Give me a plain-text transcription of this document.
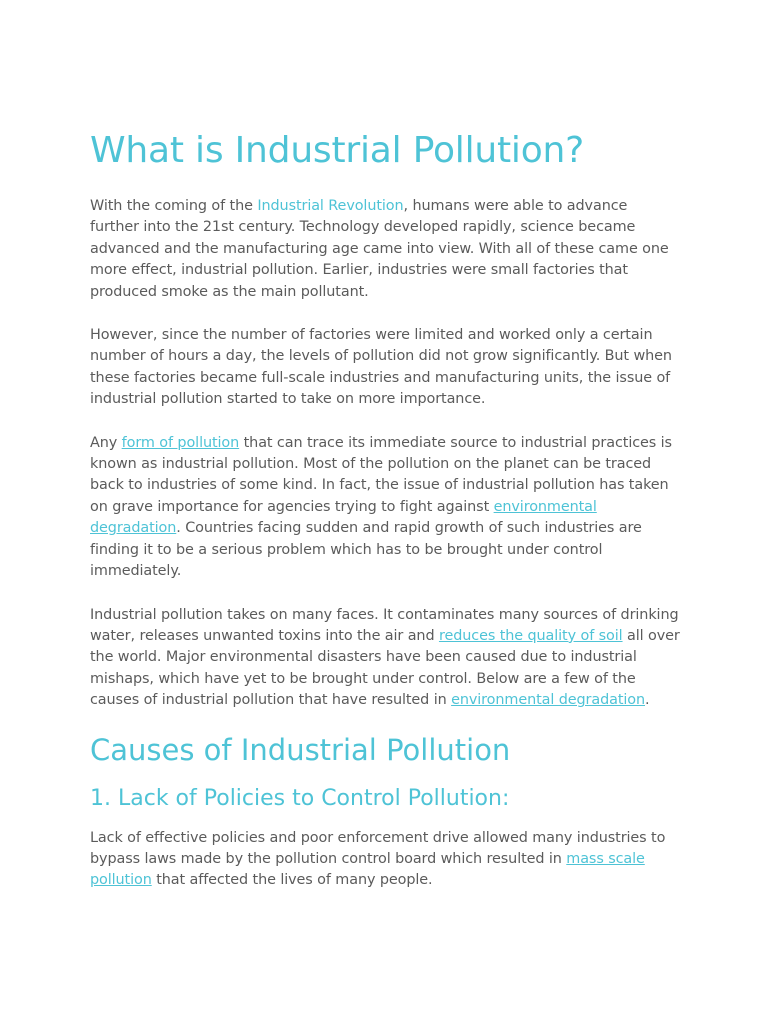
What is Industrial Pollution?

With the coming of the Industrial Revolution, humans were able to advance further into the 21st century. Technology developed rapidly, science became advanced and the manufacturing age came into view. With all of these came one more effect, industrial pollution. Earlier, industries were small factories that produced smoke as the main pollutant.

However, since the number of factories were limited and worked only a certain number of hours a day, the levels of pollution did not grow significantly. But when these factories became full-scale industries and manufacturing units, the issue of industrial pollution started to take on more importance.

Any form of pollution that can trace its immediate source to industrial practices is known as industrial pollution. Most of the pollution on the planet can be traced back to industries of some kind. In fact, the issue of industrial pollution has taken on grave importance for agencies trying to fight against environmental degradation. Countries facing sudden and rapid growth of such industries are finding it to be a serious problem which has to be brought under control immediately.

Industrial pollution takes on many faces. It contaminates many sources of drinking water, releases unwanted toxins into the air and reduces the quality of soil all over the world. Major environmental disasters have been caused due to industrial mishaps, which have yet to be brought under control. Below are a few of the causes of industrial pollution that have resulted in environmental degradation.

Causes of Industrial Pollution
1. Lack of Policies to Control Pollution:

Lack of effective policies and poor enforcement drive allowed many industries to bypass laws made by the pollution control board which resulted in mass scale pollution that affected the lives of many people.
